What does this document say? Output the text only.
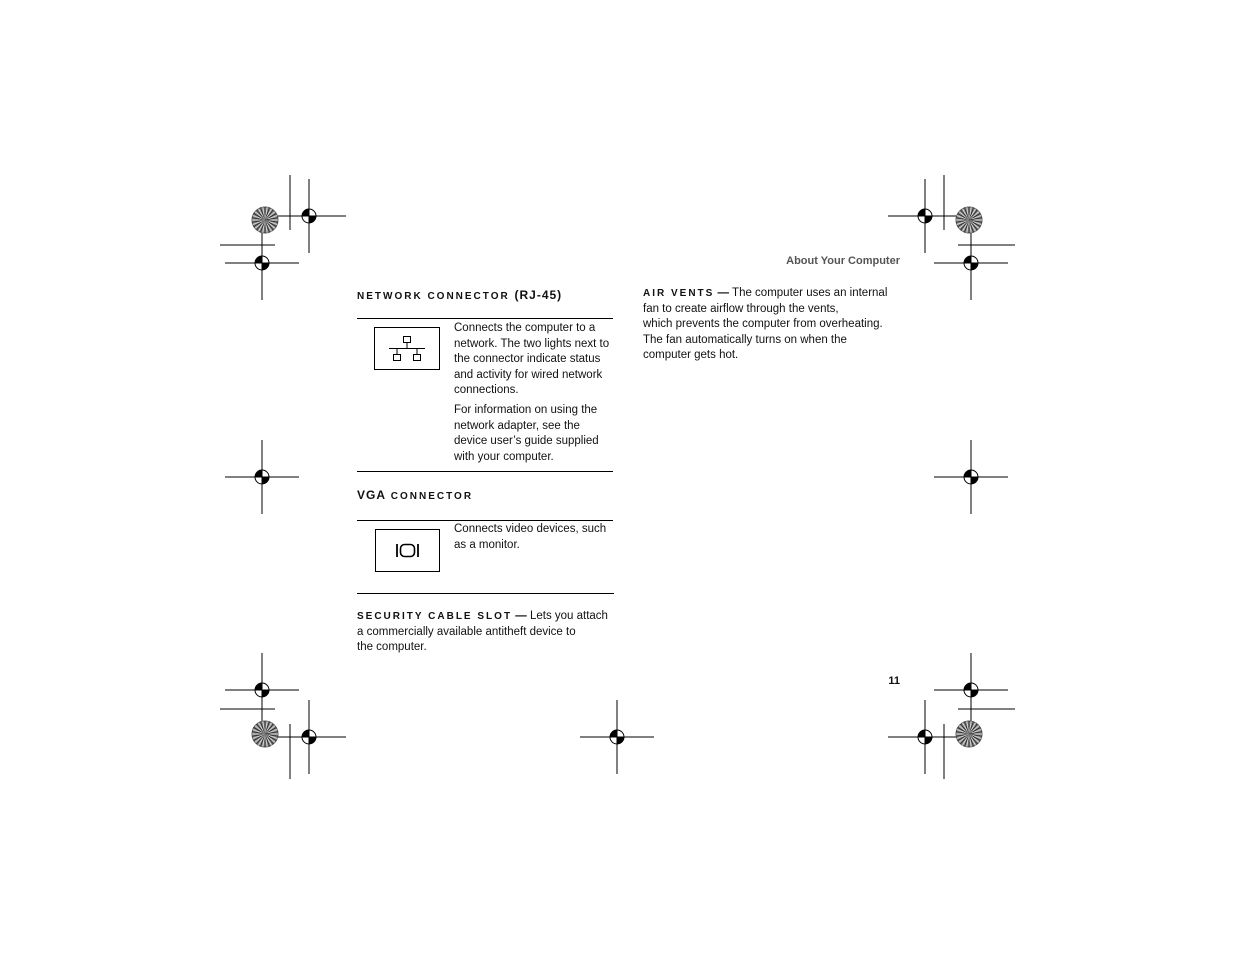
About Your Computer
NETWORK CONNECTOR (RJ-45)
Connects the computer to a
network. The two lights next to
the connector indicate status
and activity for wired network
connections.
For information on using the
network adapter, see the
device user’s guide supplied
with your computer.
VGA CONNECTOR
Connects video devices, such
as a monitor.
SECURITY CABLE SLOT — Lets you attach
a commercially available antitheft device to
the computer.
AIR VENTS — The computer uses an internal
fan to create airflow through the vents,
which prevents the computer from overheating.
The fan automatically turns on when the
computer gets hot.
11
